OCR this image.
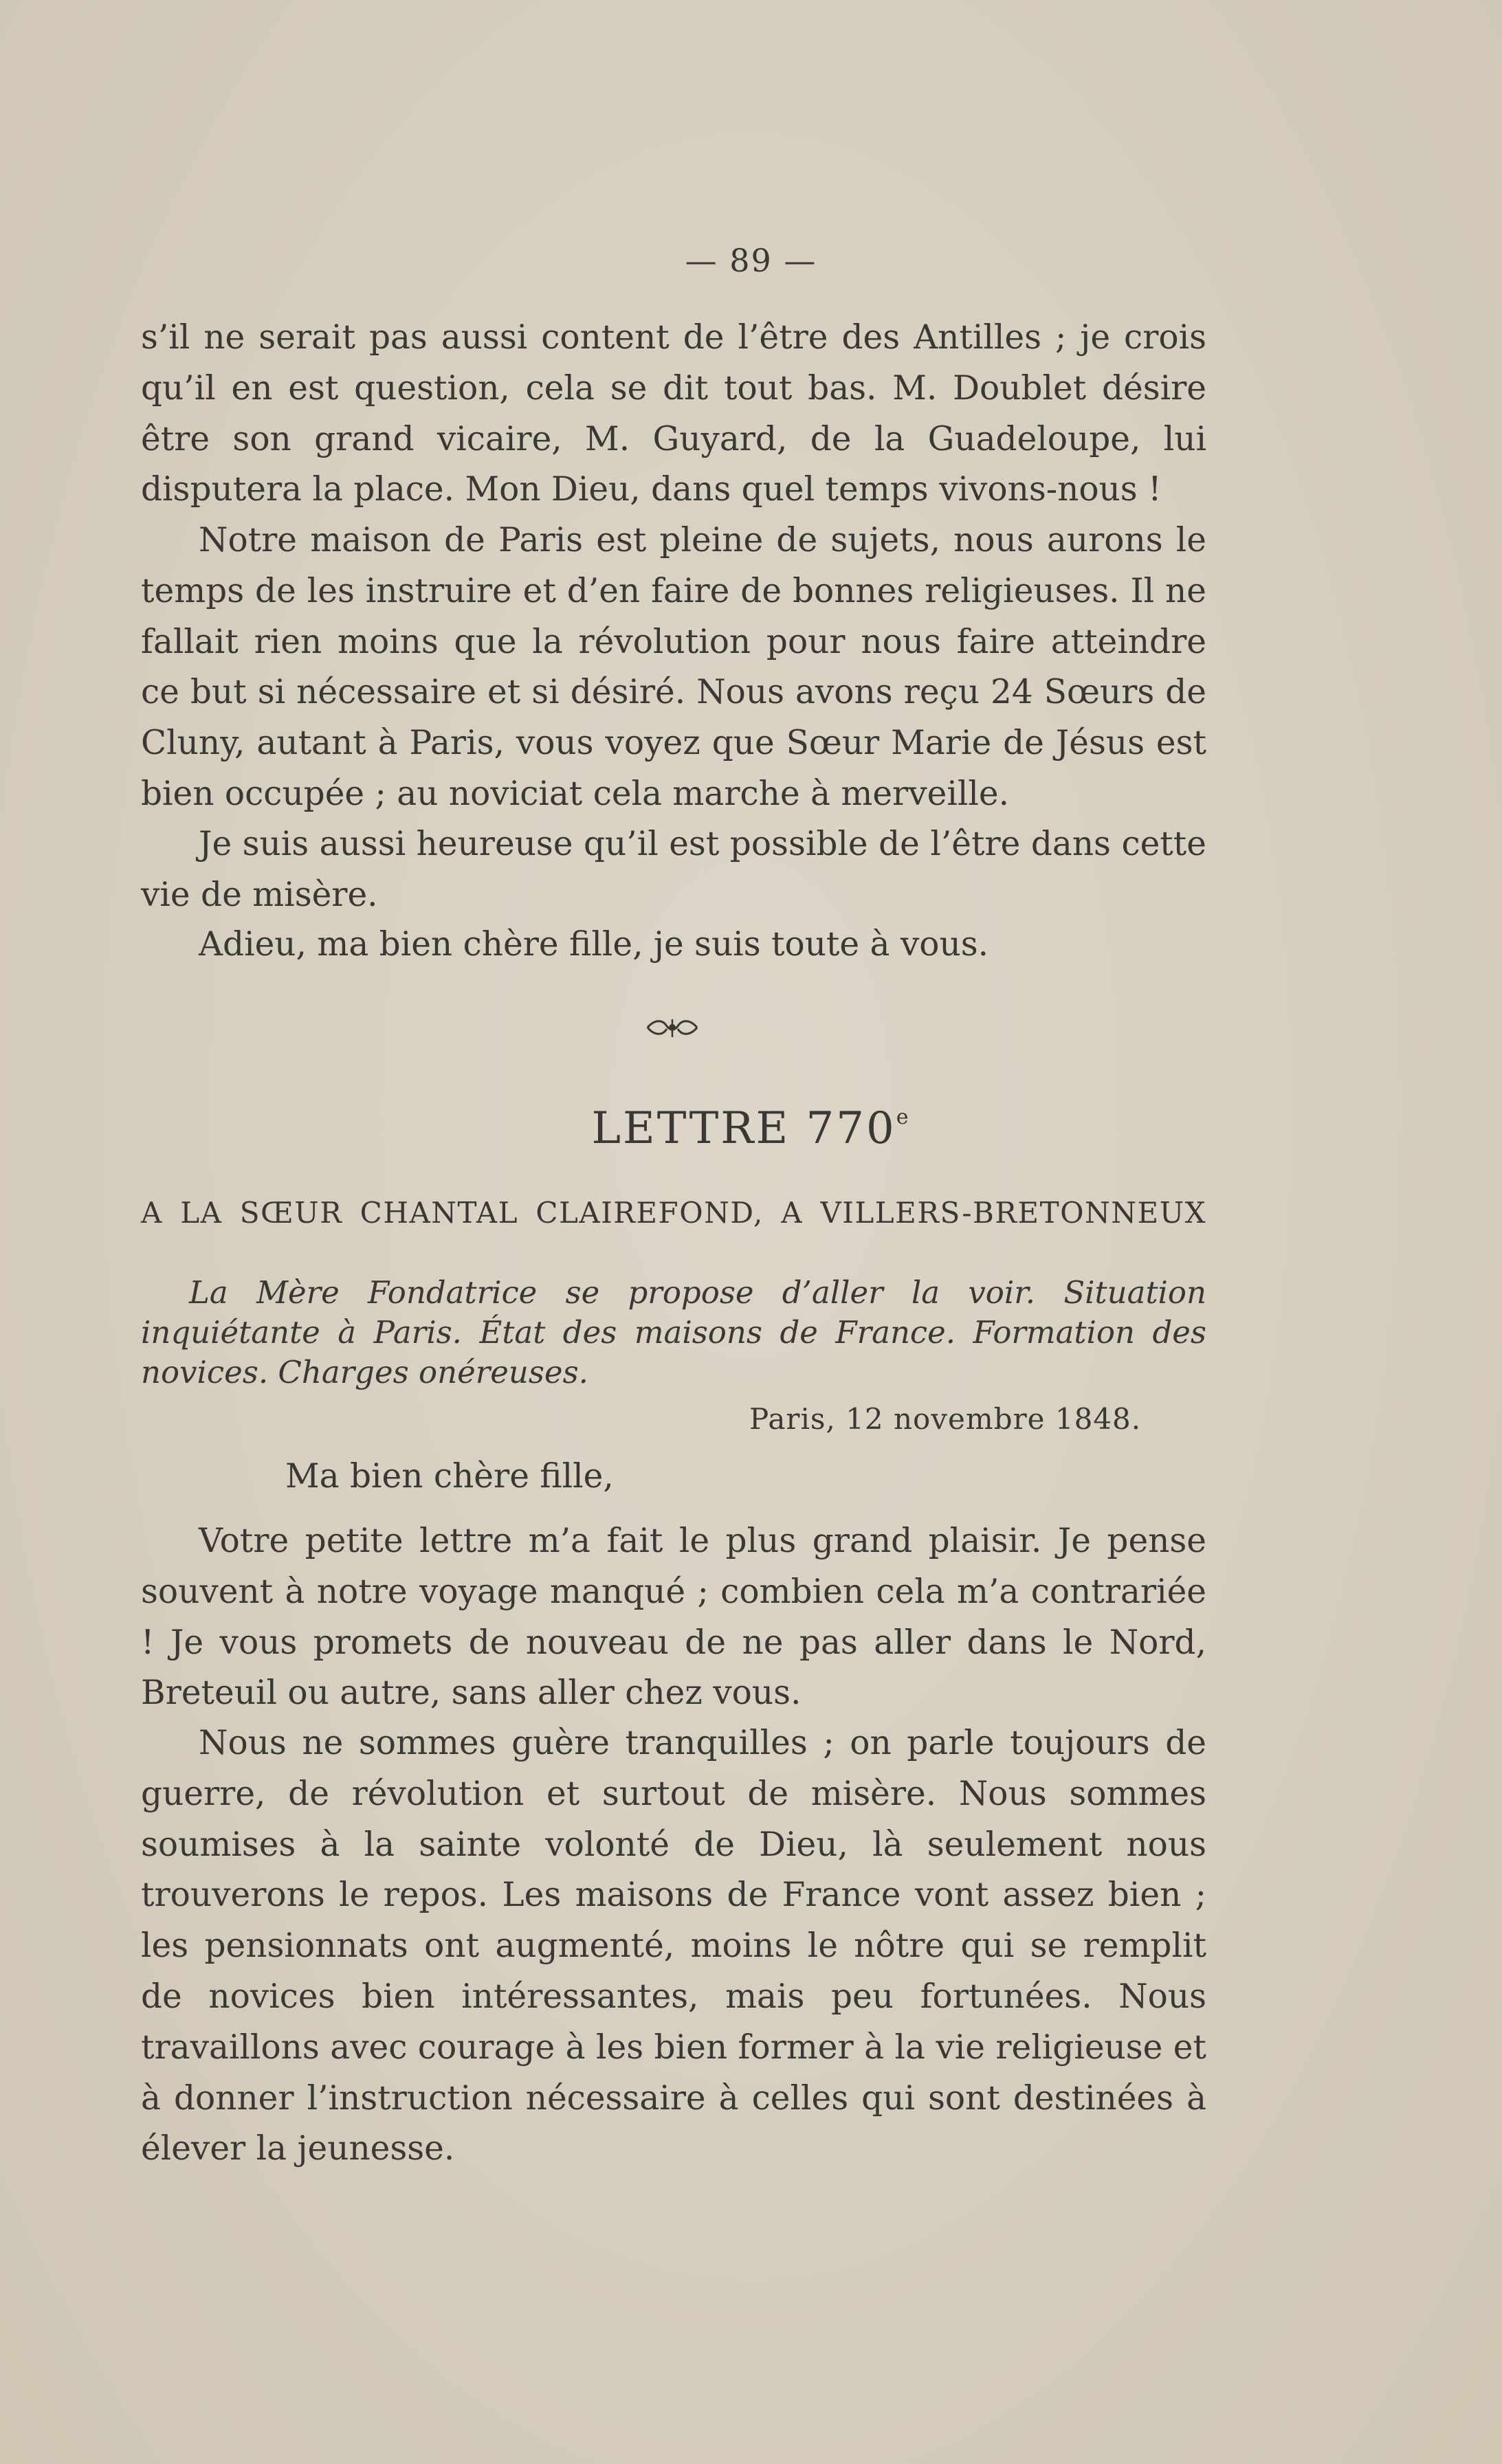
— 89 —

s’il ne serait pas aussi content de l’être des Antilles ; je crois qu’il en est question, cela se dit tout bas. M. Doublet désire être son grand vicaire, M. Guyard, de la Guadeloupe, lui disputera la place. Mon Dieu, dans quel temps vivons-nous !

Notre maison de Paris est pleine de sujets, nous aurons le temps de les instruire et d’en faire de bonnes religieuses. Il ne fallait rien moins que la révolution pour nous faire atteindre ce but si nécessaire et si désiré. Nous avons reçu 24 Sœurs de Cluny, autant à Paris, vous voyez que Sœur Marie de Jésus est bien occupée ; au noviciat cela marche à merveille.

Je suis aussi heureuse qu’il est possible de l’être dans cette vie de misère.

Adieu, ma bien chère fille, je suis toute à vous.

LETTRE 770e
A LA SŒUR CHANTAL CLAIREFOND, A VILLERS-BRETONNEUX

La Mère Fondatrice se propose d’aller la voir. Situation inquiétante à Paris. État des maisons de France. Formation des novices. Charges onéreuses.

Paris, 12 novembre 1848.
Ma bien chère fille,

Votre petite lettre m’a fait le plus grand plaisir. Je pense souvent à notre voyage manqué ; combien cela m’a contrariée ! Je vous promets de nouveau de ne pas aller dans le Nord, Breteuil ou autre, sans aller chez vous.

Nous ne sommes guère tranquilles ; on parle toujours de guerre, de révolution et surtout de misère. Nous sommes soumises à la sainte volonté de Dieu, là seulement nous trouverons le repos. Les maisons de France vont assez bien ; les pensionnats ont augmenté, moins le nôtre qui se remplit de novices bien intéressantes, mais peu fortunées. Nous travaillons avec courage à les bien former à la vie religieuse et à donner l’instruction nécessaire à celles qui sont destinées à élever la jeunesse.
